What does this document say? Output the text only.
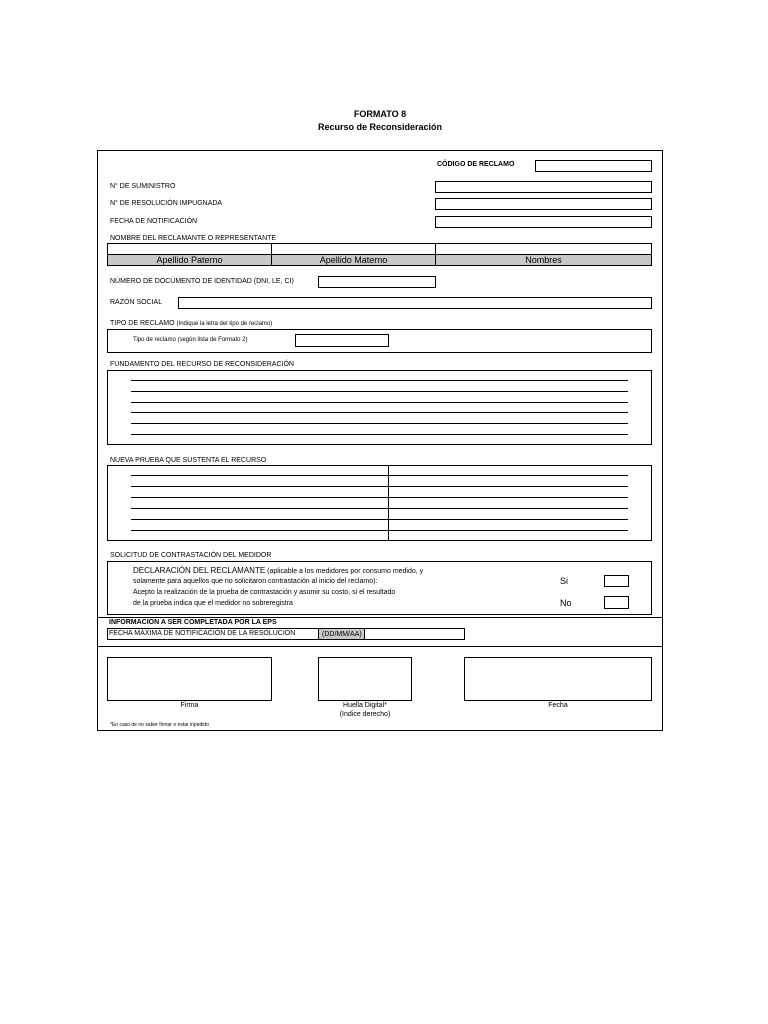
FORMATO 8
Recurso de Reconsideración
CÓDIGO DE RECLAMO
N° DE SUMINISTRO
N° DE RESOLUCIÓN IMPUGNADA
FECHA DE NOTIFICACIÓN
NOMBRE DEL RECLAMANTE O REPRESENTANTE
Apellido Paterno	Apellido Materno	Nombres
NÚMERO DE DOCUMENTO DE IDENTIDAD (DNI, LE, CI)
RAZÓN SOCIAL
TIPO DE RECLAMO (Indique la letra del tipo de reclamo)
Tipo de reclamo (según lista de Formato 2)
FUNDAMENTO DEL RECURSO DE RECONSIDERACIÓN
NUEVA PRUEBA QUE SUSTENTA EL RECURSO
SOLICITUD DE CONTRASTACIÓN DEL MEDIDOR
DECLARACIÓN DEL RECLAMANTE (aplicable a los medidores por consumo medido, y
solamente para aquellos que no solicitaron contrastación al inicio del reclamo):
Acepto la realización de la prueba de contrastación y asumir su costo, si el resultado
de la prueba indica que el medidor no sobreregistra
Si
No
INFORMACIÓN A SER COMPLETADA POR LA EPS
FECHA MÁXIMA DE NOTIFICACIÓN DE LA RESOLUCIÓN	(DD/MM/AA)
Firma	Huella Digital*
(Indice derecho)
Fecha
*En caso de no saber firmar o estar inpedido
